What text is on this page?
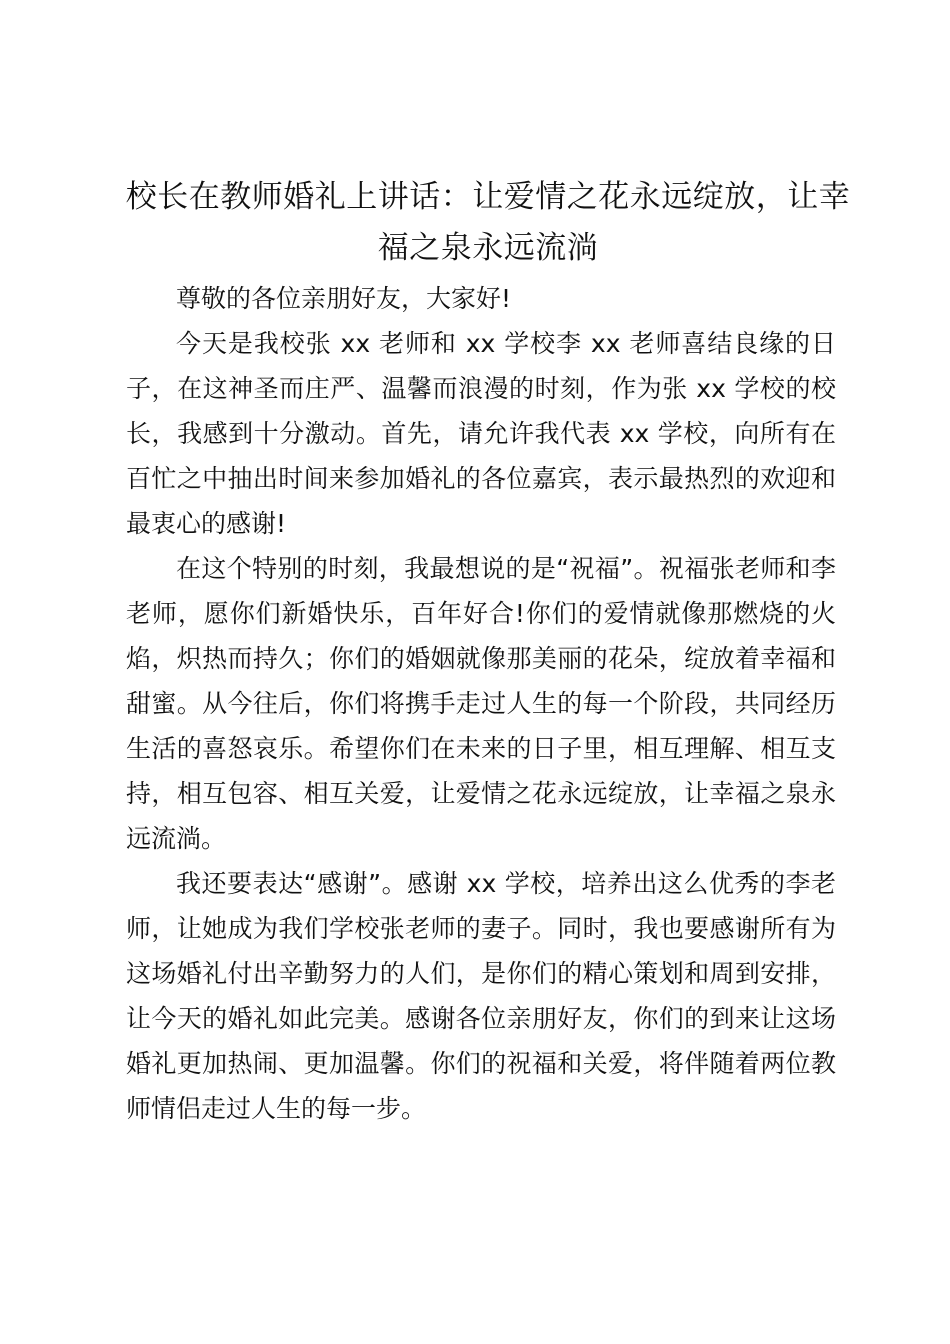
校长在教师婚礼上讲话：让爱情之花永远绽放，让幸福之泉永远流淌

尊敬的各位亲朋好友，大家好!

今天是我校张 xx 老师和 xx 学校李 xx 老师喜结良缘的日子，在这神圣而庄严、温馨而浪漫的时刻，作为张 xx 学校的校长，我感到十分激动。首先，请允许我代表 xx 学校，向所有在百忙之中抽出时间来参加婚礼的各位嘉宾，表示最热烈的欢迎和最衷心的感谢!

在这个特别的时刻，我最想说的是“祝福”。祝福张老师和李老师，愿你们新婚快乐，百年好合!你们的爱情就像那燃烧的火焰，炽热而持久；你们的婚姻就像那美丽的花朵，绽放着幸福和甜蜜。从今往后，你们将携手走过人生的每一个阶段，共同经历生活的喜怒哀乐。希望你们在未来的日子里，相互理解、相互支持，相互包容、相互关爱，让爱情之花永远绽放，让幸福之泉永远流淌。

我还要表达“感谢”。感谢 xx 学校，培养出这么优秀的李老师，让她成为我们学校张老师的妻子。同时，我也要感谢所有为这场婚礼付出辛勤努力的人们，是你们的精心策划和周到安排，让今天的婚礼如此完美。感谢各位亲朋好友，你们的到来让这场婚礼更加热闹、更加温馨。你们的祝福和关爱，将伴随着两位教师情侣走过人生的每一步。
